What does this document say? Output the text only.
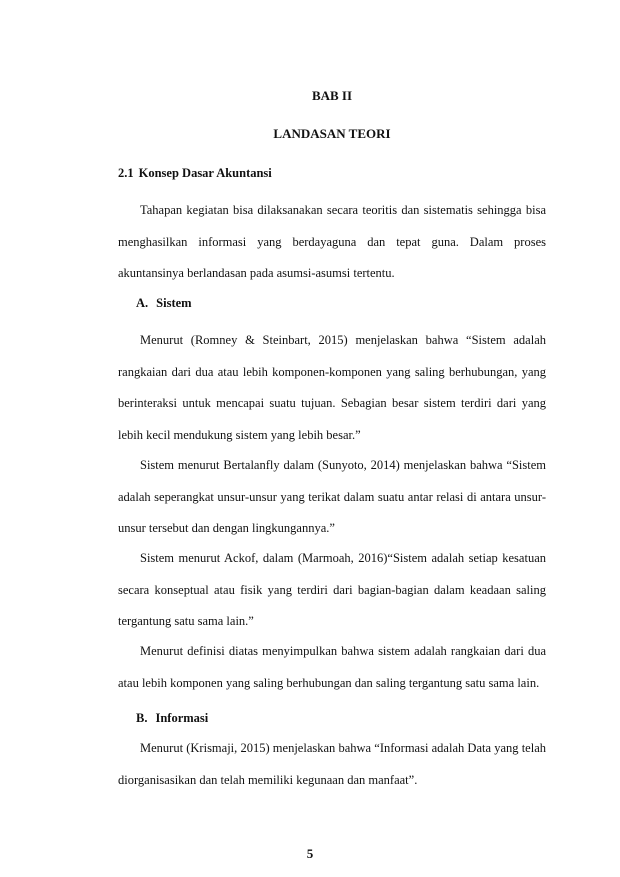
BAB II
LANDASAN TEORI
2.1 Konsep Dasar Akuntansi

Tahapan kegiatan bisa dilaksanakan secara teoritis dan sistematis sehingga bisa menghasilkan informasi yang berdayaguna dan tepat guna. Dalam proses akuntansinya berlandasan pada asumsi-asumsi tertentu.

A. Sistem

Menurut (Romney & Steinbart, 2015) menjelaskan bahwa “Sistem adalah rangkaian dari dua atau lebih komponen-komponen yang saling berhubungan, yang berinteraksi untuk mencapai suatu tujuan. Sebagian besar sistem terdiri dari yang lebih kecil mendukung sistem yang lebih besar.”

Sistem menurut Bertalanfly dalam (Sunyoto, 2014) menjelaskan bahwa “Sistem adalah seperangkat unsur-unsur yang terikat dalam suatu antar relasi di antara unsur-unsur tersebut dan dengan lingkungannya.”

Sistem menurut Ackof, dalam (Marmoah, 2016)“Sistem adalah setiap kesatuan secara konseptual atau fisik yang terdiri dari bagian-bagian dalam keadaan saling tergantung satu sama lain.”

Menurut definisi diatas menyimpulkan bahwa sistem adalah rangkaian dari dua atau lebih komponen yang saling berhubungan dan saling tergantung satu sama lain.

B. Informasi

Menurut (Krismaji, 2015) menjelaskan bahwa “Informasi adalah Data yang telah diorganisasikan dan telah memiliki kegunaan dan manfaat”.

5
